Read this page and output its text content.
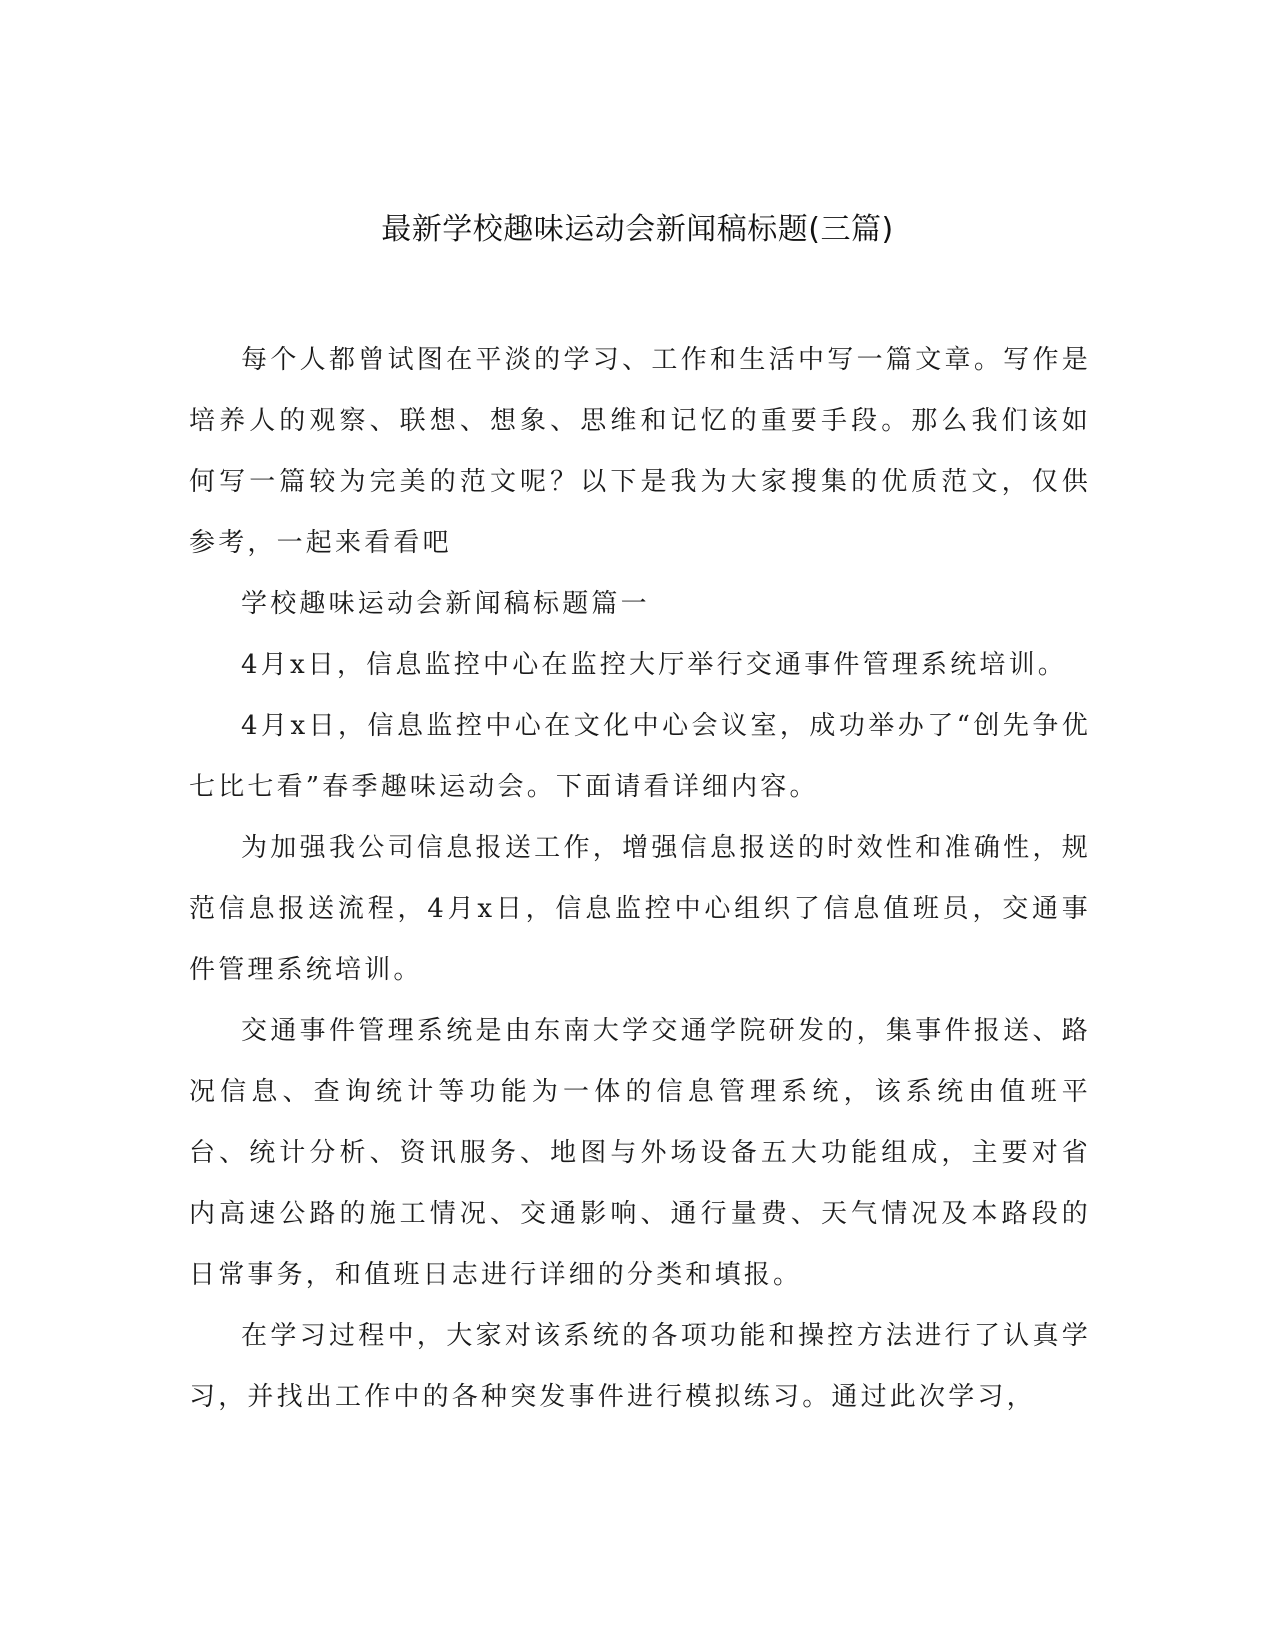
最新学校趣味运动会新闻稿标题(三篇)

每个人都曾试图在平淡的学习、工作和生活中写一篇文章。写作是培养人的观察、联想、想象、思维和记忆的重要手段。那么我们该如何写一篇较为完美的范文呢？以下是我为大家搜集的优质范文，仅供参考，一起来看看吧

学校趣味运动会新闻稿标题篇一

4月x日，信息监控中心在监控大厅举行交通事件管理系统培训。

4月x日，信息监控中心在文化中心会议室，成功举办了“创先争优七比七看”春季趣味运动会。下面请看详细内容。

为加强我公司信息报送工作，增强信息报送的时效性和准确性，规范信息报送流程，4月x日，信息监控中心组织了信息值班员，交通事件管理系统培训。

交通事件管理系统是由东南大学交通学院研发的，集事件报送、路况信息、查询统计等功能为一体的信息管理系统，该系统由值班平台、统计分析、资讯服务、地图与外场设备五大功能组成，主要对省内高速公路的施工情况、交通影响、通行量费、天气情况及本路段的日常事务，和值班日志进行详细的分类和填报。

在学习过程中，大家对该系统的各项功能和操控方法进行了认真学习，并找出工作中的各种突发事件进行模拟练习。通过此次学习，
